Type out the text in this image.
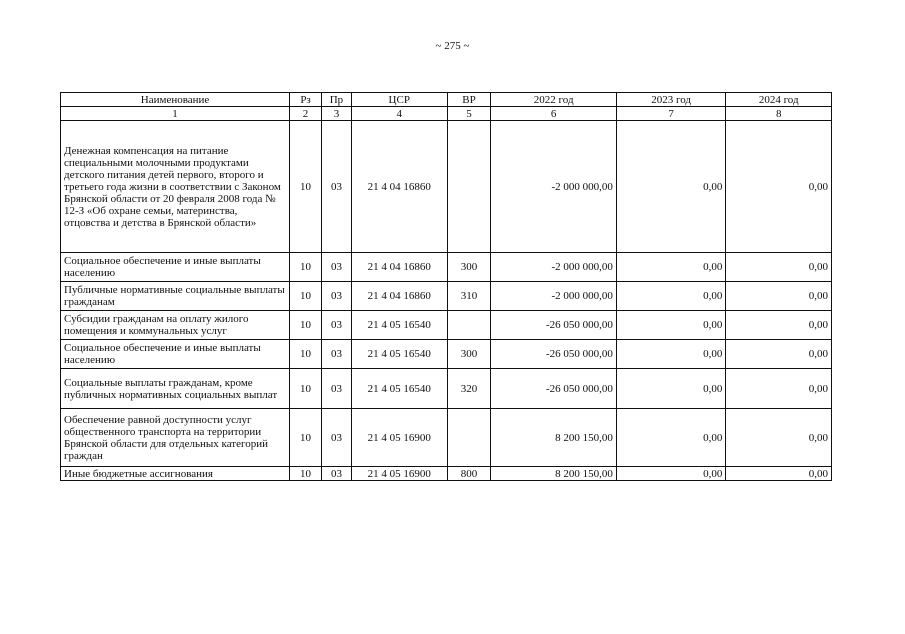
~ 275 ~
Наименование	Рз	Пр	ЦСР	ВР	2022 год	2023 год	2024 год
1	2	3	4	5	6	7	8
Денежная компенсация на питание специальными молочными продуктами детского питания детей первого, второго и третьего года жизни в соответствии с Законом Брянской области от 20 февраля 2008 года № 12-З «Об охране семьи, материнства, отцовства и детства в Брянской области»	10	03	21 4 04 16860		-2 000 000,00	0,00	0,00
Социальное обеспечение и иные выплаты населению	10	03	21 4 04 16860	300	-2 000 000,00	0,00	0,00
Публичные нормативные социальные выплаты гражданам	10	03	21 4 04 16860	310	-2 000 000,00	0,00	0,00
Субсидии гражданам на оплату жилого помещения и коммунальных услуг	10	03	21 4 05 16540		-26 050 000,00	0,00	0,00
Социальное обеспечение и иные выплаты населению	10	03	21 4 05 16540	300	-26 050 000,00	0,00	0,00
Социальные выплаты гражданам, кроме публичных нормативных социальных выплат	10	03	21 4 05 16540	320	-26 050 000,00	0,00	0,00
Обеспечение равной доступности услуг общественного транспорта на территории Брянской области для отдельных категорий граждан	10	03	21 4 05 16900		8 200 150,00	0,00	0,00
Иные бюджетные ассигнования	10	03	21 4 05 16900	800	8 200 150,00	0,00	0,00
